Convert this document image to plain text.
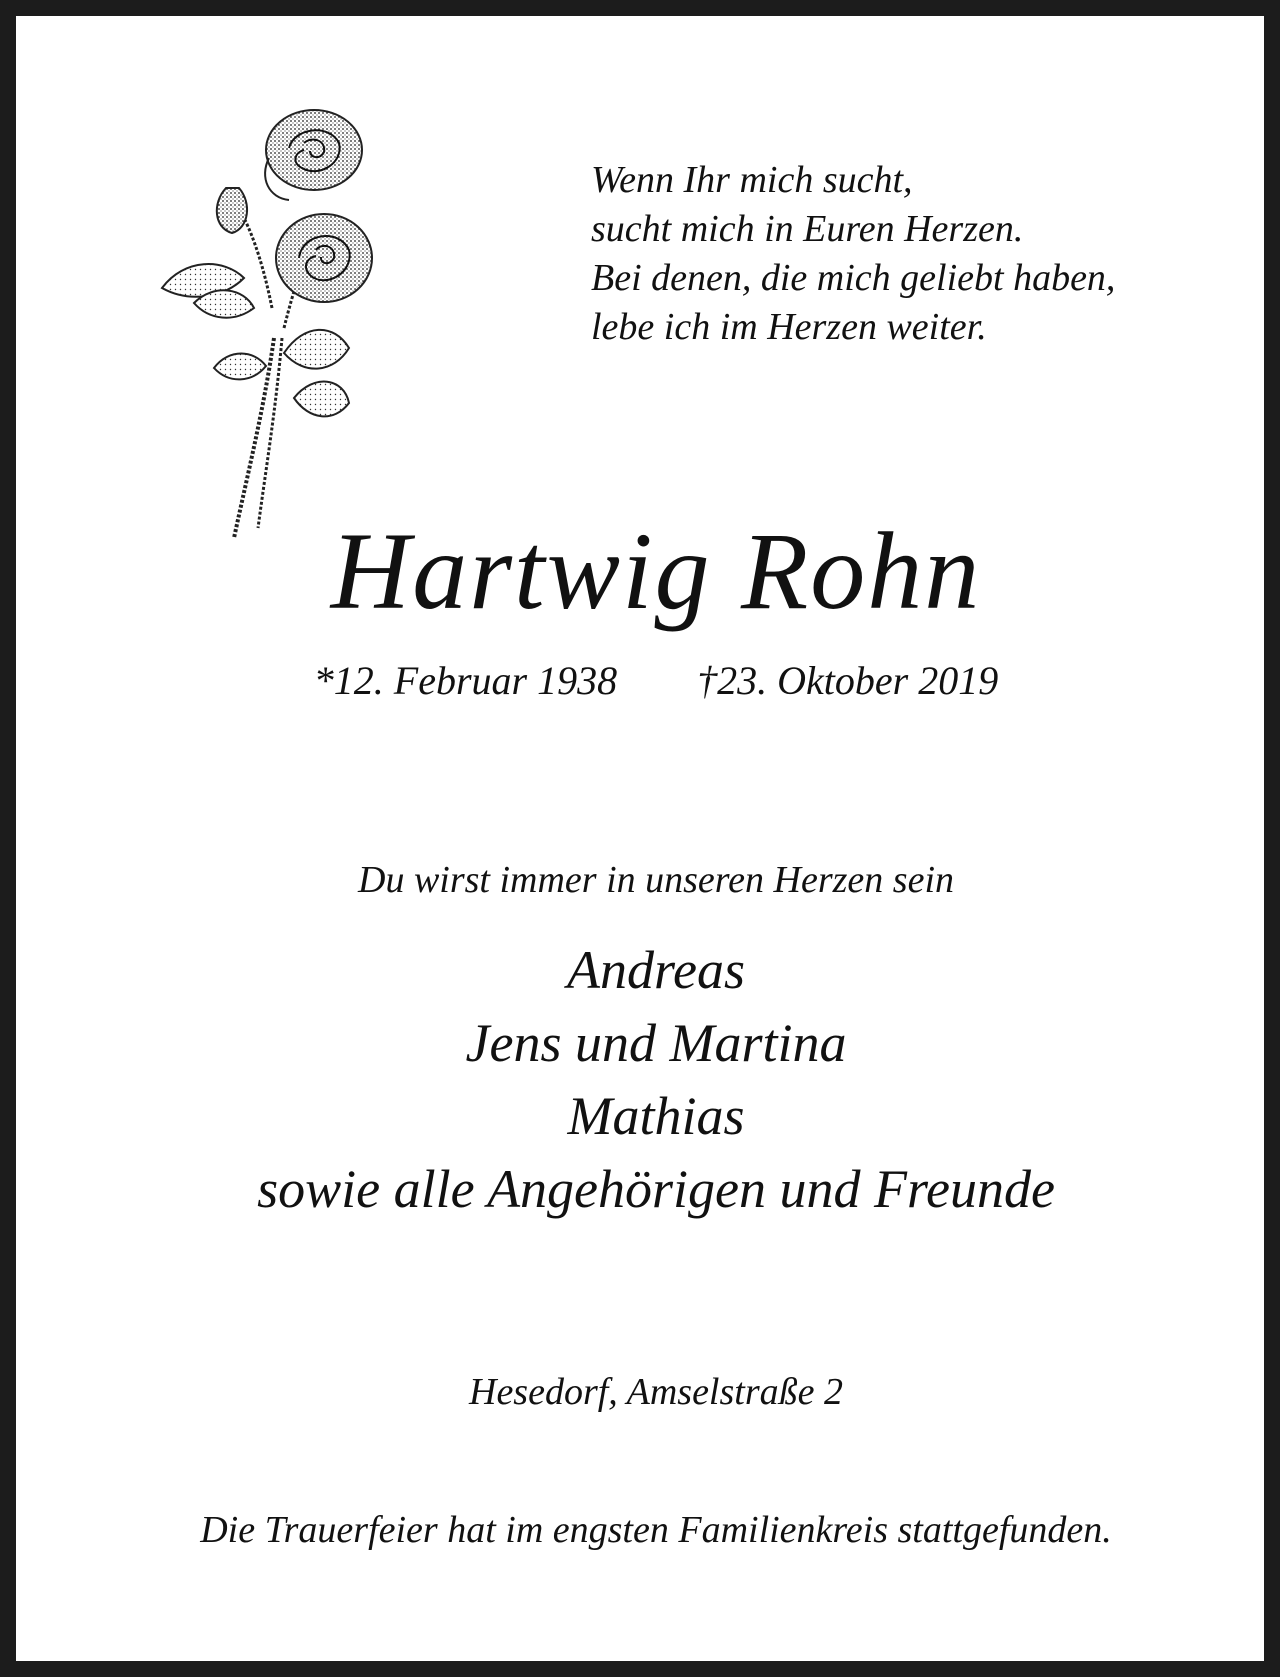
Wenn Ihr mich sucht,
sucht mich in Euren Herzen.
Bei denen, die mich geliebt haben,
lebe ich im Herzen weiter.
Hartwig Rohn
*12. Februar 1938 †23. Oktober 2019
Du wirst immer in unseren Herzen sein
Andreas
Jens und Martina
Mathias
sowie alle Angehörigen und Freunde
Hesedorf, Amselstraße 2
Die Trauerfeier hat im engsten Familienkreis stattgefunden.
